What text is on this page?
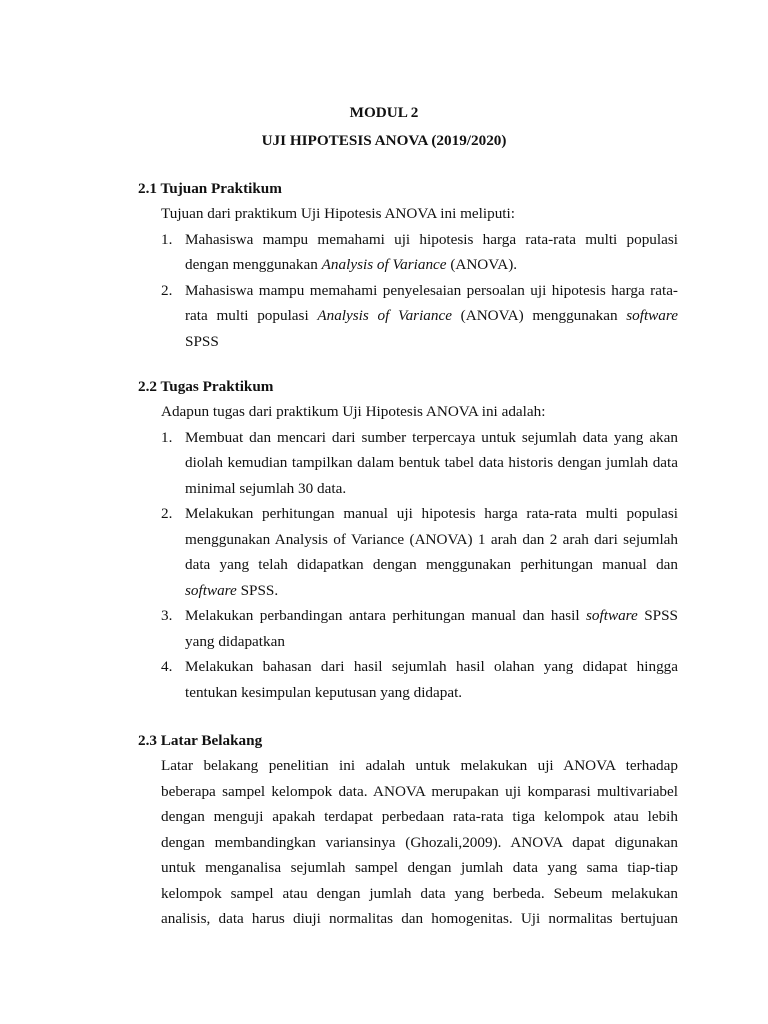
MODUL 2
UJI HIPOTESIS ANOVA (2019/2020)
2.1 Tujuan Praktikum
Tujuan dari praktikum Uji Hipotesis ANOVA ini meliputi:
1. Mahasiswa mampu memahami uji hipotesis harga rata-rata multi populasi
dengan menggunakan Analysis of Variance (ANOVA).
2. Mahasiswa mampu memahami penyelesaian persoalan uji hipotesis harga rata-
rata multi populasi Analysis of Variance (ANOVA) menggunakan software
SPSS
2.2 Tugas Praktikum
Adapun tugas dari praktikum Uji Hipotesis ANOVA ini adalah:
1. Membuat dan mencari dari sumber terpercaya untuk sejumlah data yang akan
diolah kemudian tampilkan dalam bentuk tabel data historis dengan jumlah data
minimal sejumlah 30 data.
2. Melakukan perhitungan manual uji hipotesis harga rata-rata multi populasi
menggunakan Analysis of Variance (ANOVA) 1 arah dan 2 arah dari sejumlah
data yang telah didapatkan dengan menggunakan perhitungan manual dan
software SPSS.
3. Melakukan perbandingan antara perhitungan manual dan hasil software SPSS
yang didapatkan
4. Melakukan bahasan dari hasil sejumlah hasil olahan yang didapat hingga
tentukan kesimpulan keputusan yang didapat.
2.3 Latar Belakang
Latar belakang penelitian ini adalah untuk melakukan uji ANOVA terhadap
beberapa sampel kelompok data. ANOVA merupakan uji komparasi multivariabel
dengan menguji apakah terdapat perbedaan rata-rata tiga kelompok atau lebih
dengan membandingkan variansinya (Ghozali,2009). ANOVA dapat digunakan
untuk menganalisa sejumlah sampel dengan jumlah data yang sama tiap-tiap
kelompok sampel atau dengan jumlah data yang berbeda. Sebeum melakukan
analisis, data harus diuji normalitas dan homogenitas. Uji normalitas bertujuan
